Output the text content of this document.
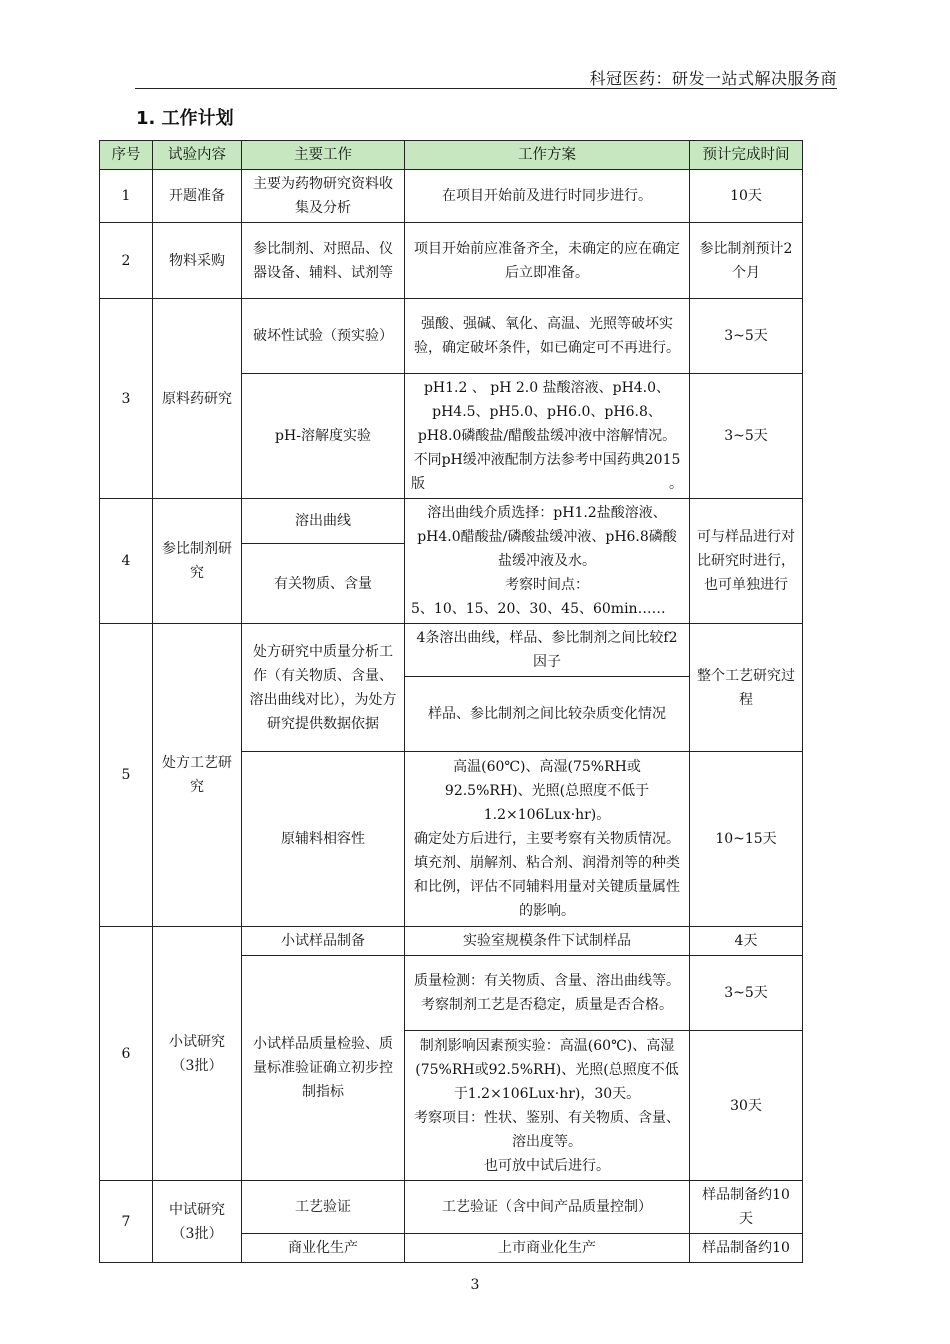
科冠医药：研发一站式解决服务商
1. 工作计划
序号	试验内容	主要工作	工作方案	预计完成时间
1	开题准备	主要为药物研究资料收集及分析	在项目开始前及进行时同步进行。	10天
2	物料采购	参比制剂、对照品、仪器设备、辅料、试剂等	项目开始前应准备齐全，未确定的应在确定后立即准备。	参比制剂预计2个月
3	原料药研究	破坏性试验（预实验）	强酸、强碱、氧化、高温、光照等破坏实验，确定破坏条件，如已确定可不再进行。	3~5天
		pH-溶解度实验	pH1.2 、 pH 2.0 盐酸溶液、pH4.0、pH4.5、pH5.0、pH6.0、pH6.8、pH8.0磷酸盐/醋酸盐缓冲液中溶解情况。不同pH缓冲液配制方法参考中国药典2015版。	3~5天
4	参比制剂研究	溶出曲线	溶出曲线介质选择：pH1.2盐酸溶液、pH4.0醋酸盐/磷酸盐缓冲液、pH6.8磷酸盐缓冲液及水。
考察时间点：
5、10、15、20、30、45、60min……	可与样品进行对比研究时进行，也可单独进行
		有关物质、含量		
5	处方工艺研究	处方研究中质量分析工作（有关物质、含量、溶出曲线对比），为处方研究提供数据依据	4条溶出曲线，样品、参比制剂之间比较f2因子	整个工艺研究过程
			样品、参比制剂之间比较杂质变化情况	
		原辅料相容性	高温(60℃)、高湿(75%RH或92.5%RH)、光照(总照度不低于1.2×106Lux·hr)。
确定处方后进行，主要考察有关物质情况。
填充剂、崩解剂、粘合剂、润滑剂等的种类和比例，评估不同辅料用量对关键质量属性的影响。	10~15天
6	小试研究（3批）	小试样品制备	实验室规模条件下试制样品	4天
		小试样品质量检验、质量标准验证确立初步控制指标	质量检测：有关物质、含量、溶出曲线等。
考察制剂工艺是否稳定，质量是否合格。	3~5天

			制剂影响因素预实验：高温(60℃)、高湿(75%RH或92.5%RH)、光照(总照度不低于1.2×106Lux·hr)，30天。
考察项目：性状、鉴别、有关物质、含量、溶出度等。
也可放中试后进行。	30天
7	中试研究（3批）	工艺验证	工艺验证（含中间产品质量控制）	样品制备约10天
		商业化生产	上市商业化生产	样品制备约10
3
